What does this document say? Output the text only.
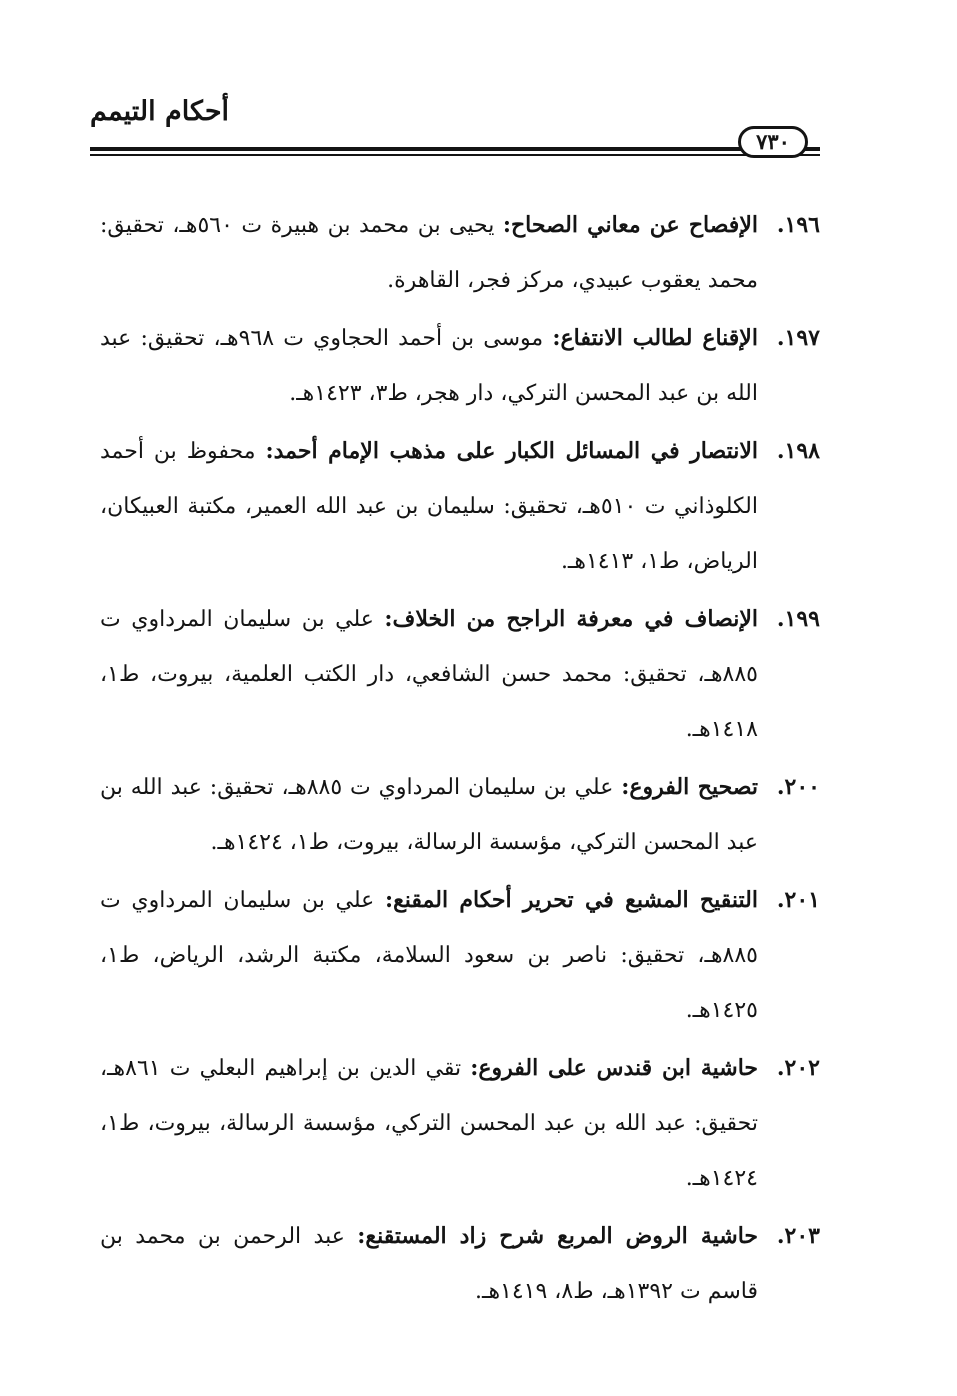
أحكام التيمم
٧٣٠
١٩٦.
الإفصاح عن معاني الصحاح: يحيى بن محمد بن هبيرة ت ٥٦٠هـ، تحقيق: محمد يعقوب عبيدي، مركز فجر، القاهرة.
١٩٧.
الإقناع لطالب الانتفاع: موسى بن أحمد الحجاوي ت ٩٦٨هـ، تحقيق: عبد الله بن عبد المحسن التركي، دار هجر، ط٣، ١٤٢٣هـ.
١٩٨.
الانتصار في المسائل الكبار على مذهب الإمام أحمد: محفوظ بن أحمد الكلوذاني ت ٥١٠هـ، تحقيق: سليمان بن عبد الله العمير، مكتبة العبيكان، الرياض، ط١، ١٤١٣هـ.
١٩٩.
الإنصاف في معرفة الراجح من الخلاف: علي بن سليمان المرداوي ت ٨٨٥هـ، تحقيق: محمد حسن الشافعي، دار الكتب العلمية، بيروت، ط١، ١٤١٨هـ.
٢٠٠.
تصحيح الفروع: علي بن سليمان المرداوي ت ٨٨٥هـ، تحقيق: عبد الله بن عبد المحسن التركي، مؤسسة الرسالة، بيروت، ط١، ١٤٢٤هـ.
٢٠١.
التنقيح المشبع في تحرير أحكام المقنع: علي بن سليمان المرداوي ت ٨٨٥هـ، تحقيق: ناصر بن سعود السلامة، مكتبة الرشد، الرياض، ط١، ١٤٢٥هـ.
٢٠٢.
حاشية ابن قندس على الفروع: تقي الدين بن إبراهيم البعلي ت ٨٦١هـ، تحقيق: عبد الله بن عبد المحسن التركي، مؤسسة الرسالة، بيروت، ط١، ١٤٢٤هـ.
٢٠٣.
حاشية الروض المربع شرح زاد المستقنع: عبد الرحمن بن محمد بن قاسم ت ١٣٩٢هـ، ط٨، ١٤١٩هـ.
